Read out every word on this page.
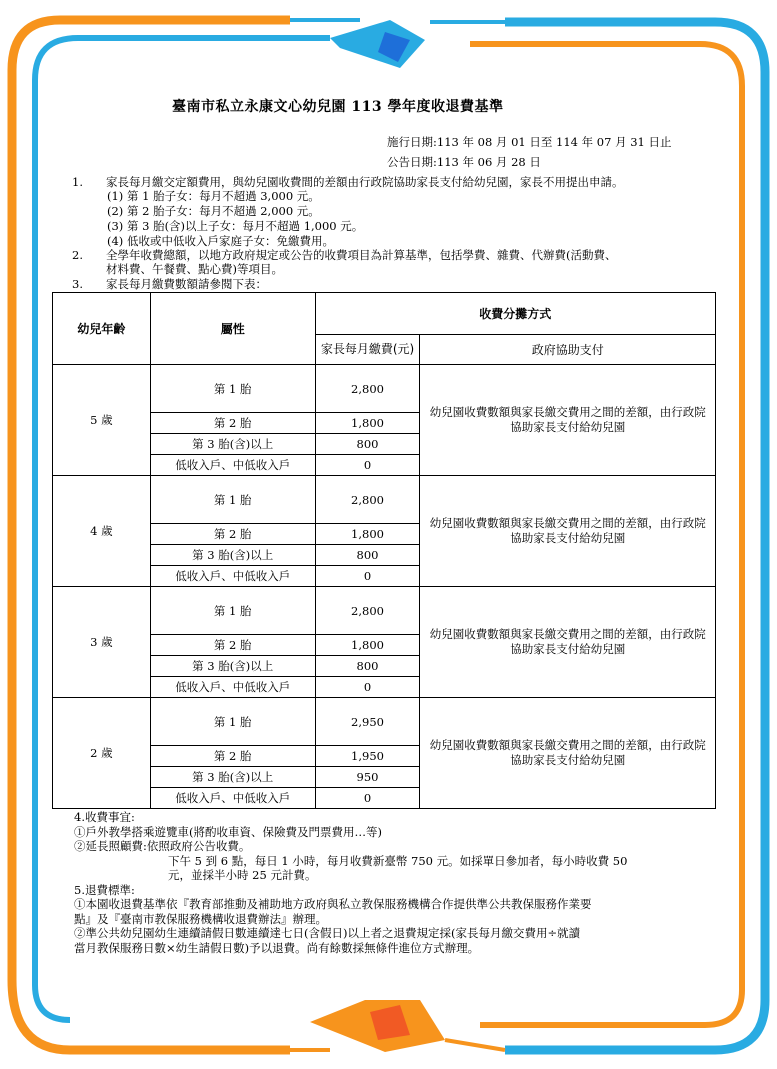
臺南市私立永康文心幼兒園 113 學年度收退費基準
施行日期:113 年 08 月 01 日至 114 年 07 月 31 日止
公告日期:113 年 06 月 28 日
1. 家長每月繳交定額費用，與幼兒園收費間的差額由行政院協助家長支付給幼兒園，家長不用提出申請。
(1) 第 1 胎子女：每月不超過 3,000 元。
(2) 第 2 胎子女：每月不超過 2,000 元。
(3) 第 3 胎(含)以上子女：每月不超過 1,000 元。
(4) 低收或中低收入戶家庭子女：免繳費用。
2. 全學年收費總額，以地方政府規定或公告的收費項目為計算基準，包括學費、雜費、代辦費(活動費、
材料費、午餐費、點心費)等項目。
3. 家長每月繳費數額請參閱下表：
幼兒年齡	屬性	收費分攤方式	
		家長每月繳費(元)	政府協助支付
5 歲	第 1 胎	2,800	幼兒園收費數額與家長繳交費用之間的差額，由行政院協助家長支付給幼兒園
	第 2 胎	1,800	
	第 3 胎(含)以上	800	
	低收入戶、中低收入戶	0	
4 歲	第 1 胎	2,800	幼兒園收費數額與家長繳交費用之間的差額，由行政院協助家長支付給幼兒園
	第 2 胎	1,800	
	第 3 胎(含)以上	800	
	低收入戶、中低收入戶	0	
3 歲	第 1 胎	2,800	幼兒園收費數額與家長繳交費用之間的差額，由行政院協助家長支付給幼兒園
	第 2 胎	1,800	
	第 3 胎(含)以上	800	
	低收入戶、中低收入戶	0	
2 歲	第 1 胎	2,950	幼兒園收費數額與家長繳交費用之間的差額，由行政院協助家長支付給幼兒園
	第 2 胎	1,950	
	第 3 胎(含)以上	950	
	低收入戶、中低收入戶	0	
4.收費事宜:
①戶外教學搭乘遊覽車(將酌收車資、保險費及門票費用…等)
②延長照顧費:依照政府公告收費。
下午 5 到 6 點，每日 1 小時，每月收費新臺幣 750 元。如採單日參加者，每小時收費 50
元，並採半小時 25 元計費。
5.退費標準:
①本園收退費基準依『教育部推動及補助地方政府與私立教保服務機構合作提供準公共教保服務作業要
點』及『臺南市教保服務機構收退費辦法』辦理。
②準公共幼兒園幼生連續請假日數連續達七日(含假日)以上者之退費規定採(家長每月繳交費用÷就讀
當月教保服務日數×幼生請假日數)予以退費。尚有餘數採無條件進位方式辦理。
